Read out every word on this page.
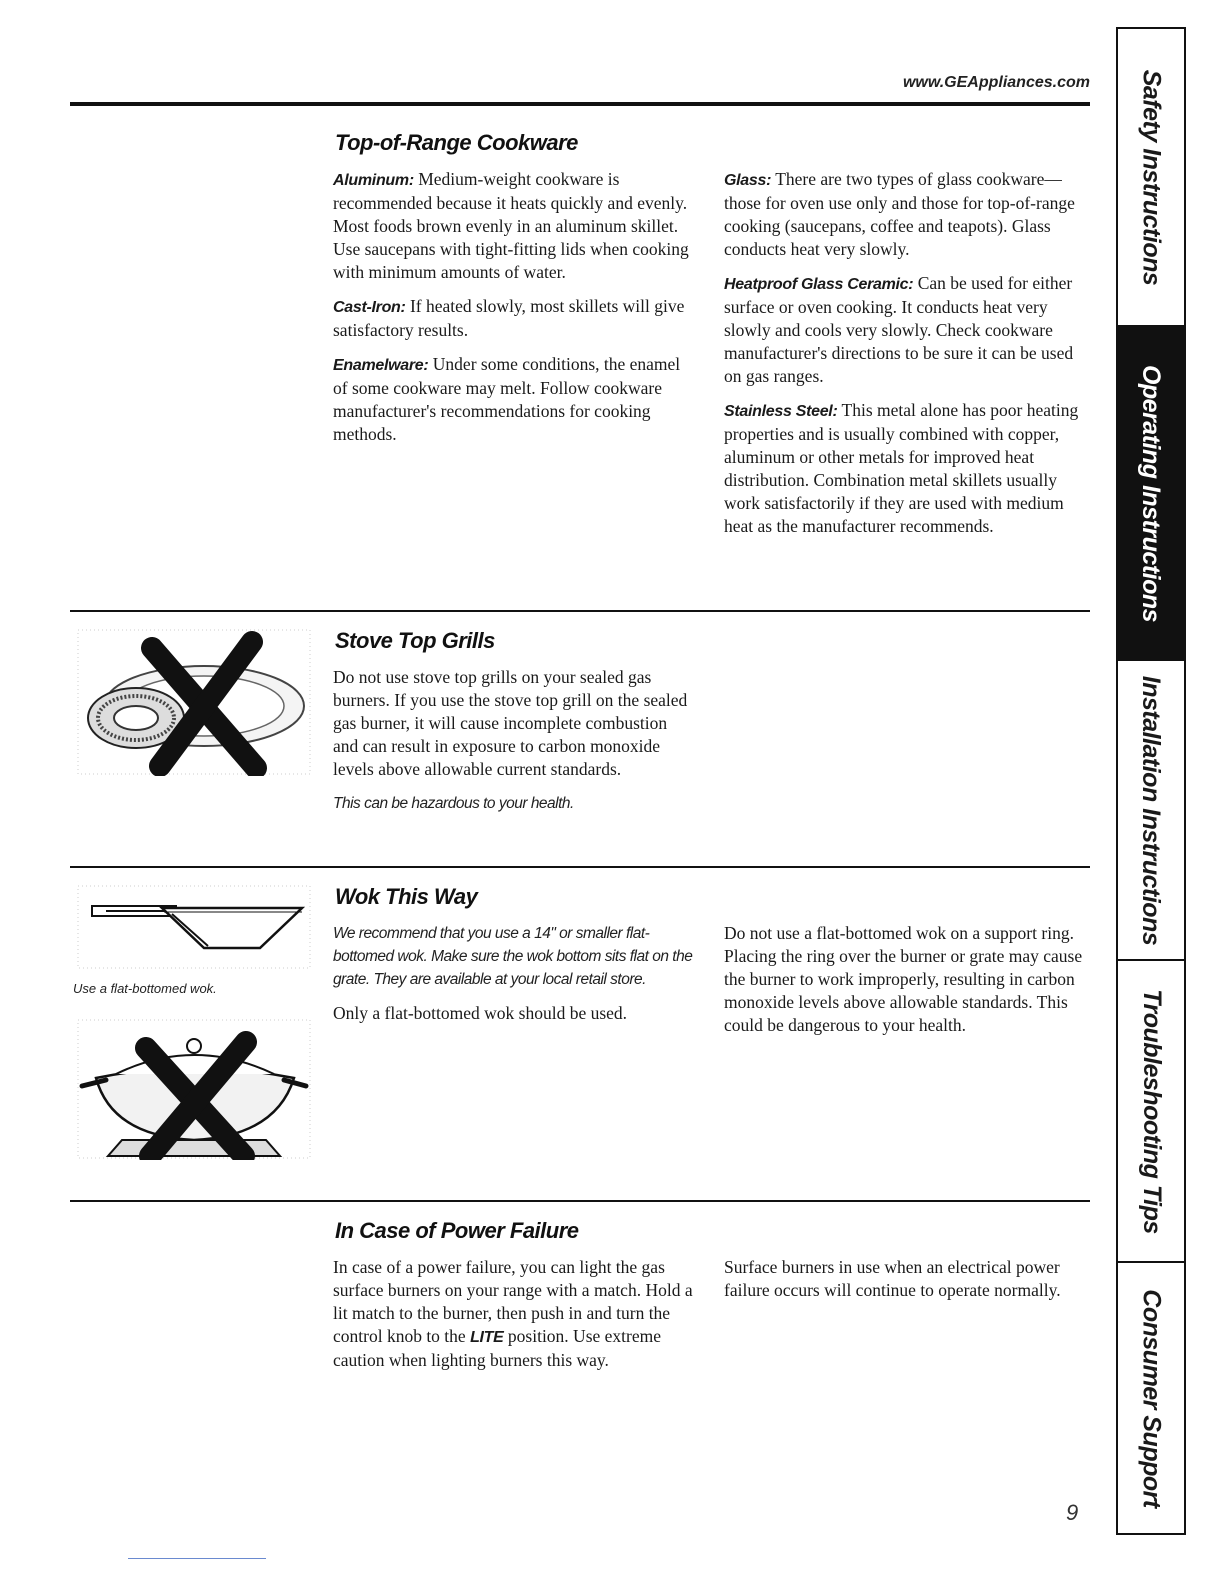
www.GEAppliances.com
Top-of-Range Cookware

Aluminum: Medium-weight cookware is recommended because it heats quickly and evenly. Most foods brown evenly in an aluminum skillet. Use saucepans with tight-fitting lids when cooking with minimum amounts of water.

Cast-Iron: If heated slowly, most skillets will give satisfactory results.

Enamelware: Under some conditions, the enamel of some cookware may melt. Follow cookware manufacturer's recommendations for cooking methods.

Glass: There are two types of glass cookware—those for oven use only and those for top-of-range cooking (saucepans, coffee and teapots). Glass conducts heat very slowly.

Heatproof Glass Ceramic: Can be used for either surface or oven cooking. It conducts heat very slowly and cools very slowly. Check cookware manufacturer's directions to be sure it can be used on gas ranges.

Stainless Steel: This metal alone has poor heating properties and is usually combined with copper, aluminum or other metals for improved heat distribution. Combination metal skillets usually work satisfactorily if they are used with medium heat as the manufacturer recommends.

Stove Top Grills

Do not use stove top grills on your sealed gas burners. If you use the stove top grill on the sealed gas burner, it will cause incomplete combustion and can result in exposure to carbon monoxide levels above allowable current standards.

This can be hazardous to your health.

Use a flat-bottomed wok.
Wok This Way

We recommend that you use a 14" or smaller flat-bottomed wok. Make sure the wok bottom sits flat on the grate. They are available at your local retail store.

Only a flat-bottomed wok should be used.

Do not use a flat-bottomed wok on a support ring. Placing the ring over the burner or grate may cause the burner to work improperly, resulting in carbon monoxide levels above allowable standards. This could be dangerous to your health.

In Case of Power Failure

In case of a power failure, you can light the gas surface burners on your range with a match. Hold a lit match to the burner, then push in and turn the control knob to the LITE position. Use extreme caution when lighting burners this way.

Surface burners in use when an electrical power failure occurs will continue to operate normally.

Safety Instructions
Operating Instructions
Installation Instructions
Troubleshooting Tips
Consumer Support
9
